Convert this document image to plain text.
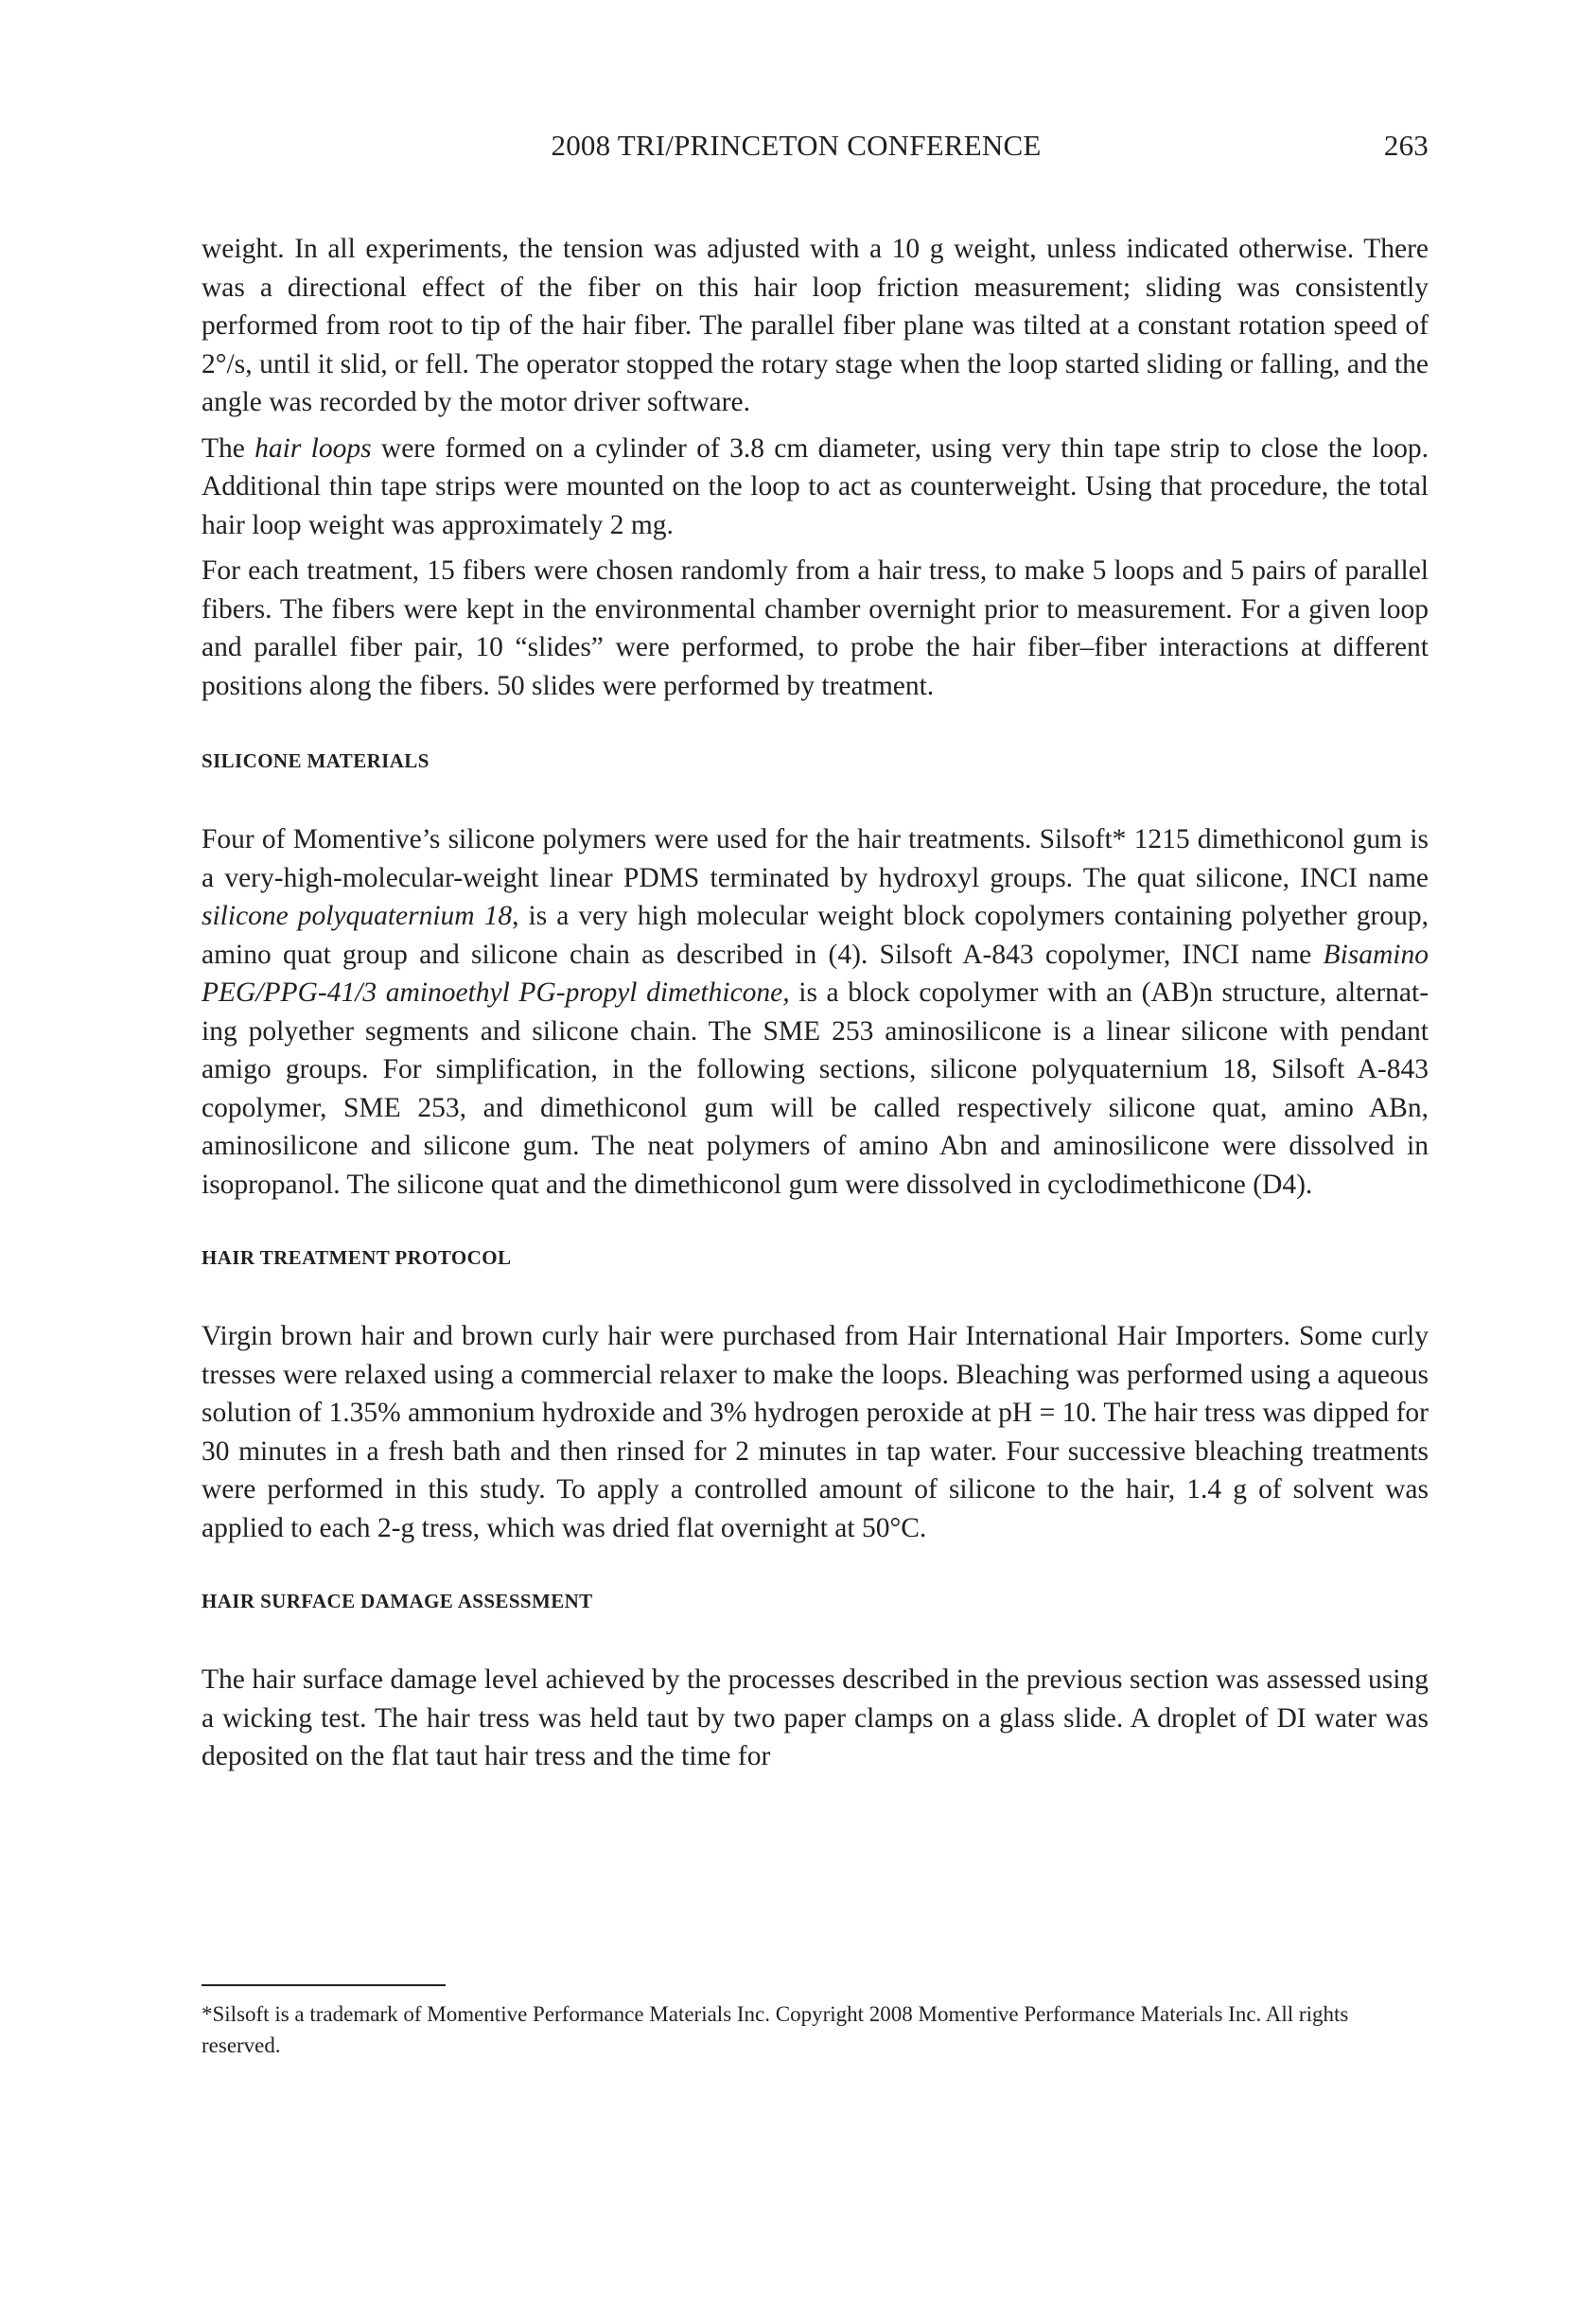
2008 TRI/PRINCETON CONFERENCE	263

weight. In all experiments, the tension was adjusted with a 10 g weight, unless indicated otherwise. There was a directional effect of the fiber on this hair loop friction measurement; sliding was consistently performed from root to tip of the hair fiber. The parallel fiber plane was tilted at a constant rotation speed of 2°/s, until it slid, or fell. The operator stopped the rotary stage when the loop started sliding or falling, and the angle was recorded by the motor driver software.

The hair loops were formed on a cylinder of 3.8 cm diameter, using very thin tape strip to close the loop. Additional thin tape strips were mounted on the loop to act as counterweight. Using that procedure, the total hair loop weight was approximately 2 mg.

For each treatment, 15 fibers were chosen randomly from a hair tress, to make 5 loops and 5 pairs of parallel fibers. The fibers were kept in the environmental chamber overnight prior to measurement. For a given loop and parallel fiber pair, 10 “slides” were performed, to probe the hair fiber–fiber interactions at different positions along the fibers. 50 slides were performed by treatment.

SILICONE MATERIALS

Four of Momentive’s silicone polymers were used for the hair treatments. Silsoft* 1215 dimethiconol gum is a very-high-molecular-weight linear PDMS terminated by hydroxyl groups. The quat silicone, INCI name silicone polyquaternium 18, is a very high molecular weight block copolymers containing polyether group, amino quat group and silicone chain as described in (4). Silsoft A-843 copolymer, INCI name Bisamino PEG/PPG-41/3 aminoethyl PG-propyl dimethicone, is a block copolymer with an (AB)n structure, alternating polyether segments and silicone chain. The SME 253 aminosilicone is a linear silicone with pendant amigo groups. For simplification, in the following sections, silicone polyquaternium 18, Silsoft A-843 copolymer, SME 253, and dimethiconol gum will be called respectively silicone quat, amino ABn, aminosilicone and silicone gum. The neat polymers of amino Abn and aminosilicone were dissolved in isopropanol. The silicone quat and the dimethiconol gum were dissolved in cyclodimethicone (D4).

HAIR TREATMENT PROTOCOL

Virgin brown hair and brown curly hair were purchased from Hair International Hair Importers. Some curly tresses were relaxed using a commercial relaxer to make the loops. Bleaching was performed using a aqueous solution of 1.35% ammonium hydroxide and 3% hydrogen peroxide at pH = 10. The hair tress was dipped for 30 minutes in a fresh bath and then rinsed for 2 minutes in tap water. Four successive bleaching treatments were performed in this study. To apply a controlled amount of silicone to the hair, 1.4 g of solvent was applied to each 2-g tress, which was dried flat overnight at 50°C.

HAIR SURFACE DAMAGE ASSESSMENT

The hair surface damage level achieved by the processes described in the previous section was assessed using a wicking test. The hair tress was held taut by two paper clamps on a glass slide. A droplet of DI water was deposited on the flat taut hair tress and the time for

*Silsoft is a trademark of Momentive Performance Materials Inc. Copyright 2008 Momentive Performance Materials Inc. All rights reserved.
